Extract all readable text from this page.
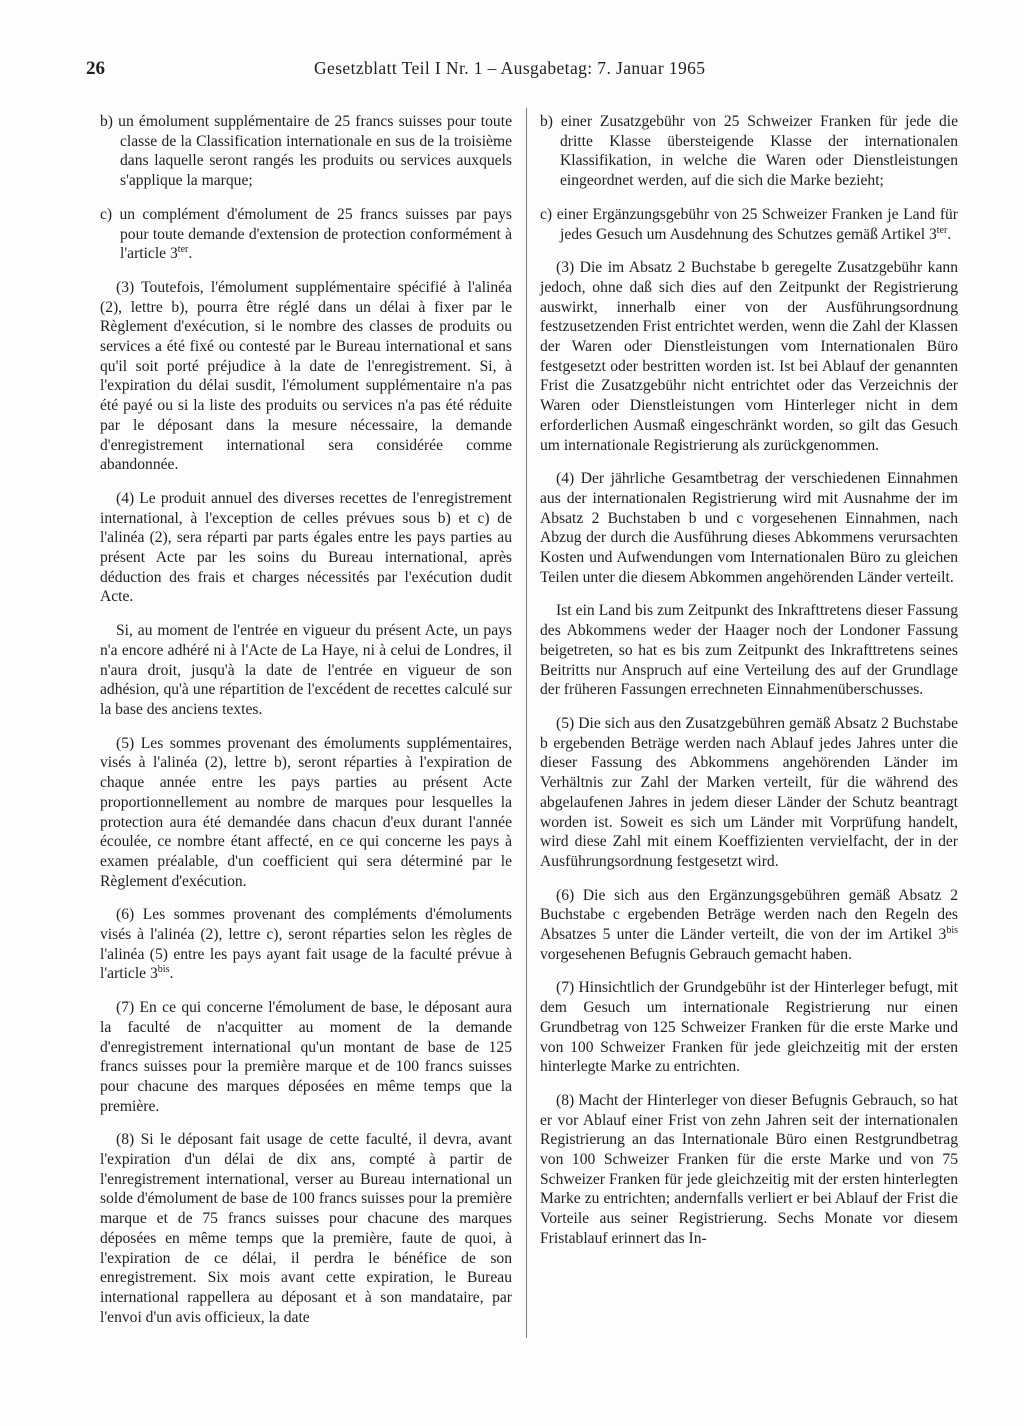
26	Gesetzblatt Teil I Nr. 1 – Ausgabetag: 7. Januar 1965

b) un émolument supplémentaire de 25 francs suisses pour toute classe de la Classification internationale en sus de la troisième dans laquelle seront rangés les produits ou services auxquels s'applique la marque;

c) un complément d'émolument de 25 francs suisses par pays pour toute demande d'extension de protection conformément à l'article $3^{ter}$.

(3) Toutefois, l'émolument supplémentaire spécifié à l'alinéa (2), lettre b), pourra être réglé dans un délai à fixer par le Règlement d'exécution, si le nombre des classes de produits ou services a été fixé ou contesté par le Bureau international et sans qu'il soit porté préjudice à la date de l'enregistrement. Si, à l'expiration du délai susdit, l'émolument supplémentaire n'a pas été payé ou si la liste des produits ou services n'a pas été réduite par le déposant dans la mesure nécessaire, la demande d'enregistrement international sera considérée comme abandonnée.

(4) Le produit annuel des diverses recettes de l'enregistrement international, à l'exception de celles prévues sous b) et c) de l'alinéa (2), sera réparti par parts égales entre les pays parties au présent Acte par les soins du Bureau international, après déduction des frais et charges nécessités par l'exécution dudit Acte.

Si, au moment de l'entrée en vigueur du présent Acte, un pays n'a encore adhéré ni à l'Acte de La Haye, ni à celui de Londres, il n'aura droit, jusqu'à la date de l'entrée en vigueur de son adhésion, qu'à une répartition de l'excédent de recettes calculé sur la base des anciens textes.

(5) Les sommes provenant des émoluments supplémentaires, visés à l'alinéa (2), lettre b), seront réparties à l'expiration de chaque année entre les pays parties au présent Acte proportionnellement au nombre de marques pour lesquelles la protection aura été demandée dans chacun d'eux durant l'année écoulée, ce nombre étant affecté, en ce qui concerne les pays à examen préalable, d'un coefficient qui sera déterminé par le Règlement d'exécution.

(6) Les sommes provenant des compléments d'émoluments visés à l'alinéa (2), lettre c), seront réparties selon les règles de l'alinéa (5) entre les pays ayant fait usage de la faculté prévue à l'article $3^{bis}$.

(7) En ce qui concerne l'émolument de base, le déposant aura la faculté de n'acquitter au moment de la demande d'enregistrement international qu'un montant de base de 125 francs suisses pour la première marque et de 100 francs suisses pour chacune des marques déposées en même temps que la première.

(8) Si le déposant fait usage de cette faculté, il devra, avant l'expiration d'un délai de dix ans, compté à partir de l'enregistrement international, verser au Bureau international un solde d'émolument de base de 100 francs suisses pour la première marque et de 75 francs suisses pour chacune des marques déposées en même temps que la première, faute de quoi, à l'expiration de ce délai, il perdra le bénéfice de son enregistrement. Six mois avant cette expiration, le Bureau international rappellera au déposant et à son mandataire, par l'envoi d'un avis officieux, la date

b) einer Zusatzgebühr von 25 Schweizer Franken für jede die dritte Klasse übersteigende Klasse der internationalen Klassifikation, in welche die Waren oder Dienstleistungen eingeordnet werden, auf die sich die Marke bezieht;

c) einer Ergänzungsgebühr von 25 Schweizer Franken je Land für jedes Gesuch um Ausdehnung des Schutzes gemäß Artikel $3^{ter}$.

(3) Die im Absatz 2 Buchstabe b geregelte Zusatzgebühr kann jedoch, ohne daß sich dies auf den Zeitpunkt der Registrierung auswirkt, innerhalb einer von der Ausführungsordnung festzusetzenden Frist entrichtet werden, wenn die Zahl der Klassen der Waren oder Dienstleistungen vom Internationalen Büro festgesetzt oder bestritten worden ist. Ist bei Ablauf der genannten Frist die Zusatzgebühr nicht entrichtet oder das Verzeichnis der Waren oder Dienstleistungen vom Hinterleger nicht in dem erforderlichen Ausmaß eingeschränkt worden, so gilt das Gesuch um internationale Registrierung als zurückgenommen.

(4) Der jährliche Gesamtbetrag der verschiedenen Einnahmen aus der internationalen Registrierung wird mit Ausnahme der im Absatz 2 Buchstaben b und c vorgesehenen Einnahmen, nach Abzug der durch die Ausführung dieses Abkommens verursachten Kosten und Aufwendungen vom Internationalen Büro zu gleichen Teilen unter die diesem Abkommen angehörenden Länder verteilt.

Ist ein Land bis zum Zeitpunkt des Inkrafttretens dieser Fassung des Abkommens weder der Haager noch der Londoner Fassung beigetreten, so hat es bis zum Zeitpunkt des Inkrafttretens seines Beitritts nur Anspruch auf eine Verteilung des auf der Grundlage der früheren Fassungen errechneten Einnahmenüberschusses.

(5) Die sich aus den Zusatzgebühren gemäß Absatz 2 Buchstabe b ergebenden Beträge werden nach Ablauf jedes Jahres unter die dieser Fassung des Abkommens angehörenden Länder im Verhältnis zur Zahl der Marken verteilt, für die während des abgelaufenen Jahres in jedem dieser Länder der Schutz beantragt worden ist. Soweit es sich um Länder mit Vorprüfung handelt, wird diese Zahl mit einem Koeffizienten vervielfacht, der in der Ausführungsordnung festgesetzt wird.

(6) Die sich aus den Ergänzungsgebühren gemäß Absatz 2 Buchstabe c ergebenden Beträge werden nach den Regeln des Absatzes 5 unter die Länder verteilt, die von der im Artikel $3^{bis}$ vorgesehenen Befugnis Gebrauch gemacht haben.

(7) Hinsichtlich der Grundgebühr ist der Hinterleger befugt, mit dem Gesuch um internationale Registrierung nur einen Grundbetrag von 125 Schweizer Franken für die erste Marke und von 100 Schweizer Franken für jede gleichzeitig mit der ersten hinterlegte Marke zu entrichten.

(8) Macht der Hinterleger von dieser Befugnis Gebrauch, so hat er vor Ablauf einer Frist von zehn Jahren seit der internationalen Registrierung an das Internationale Büro einen Restgrundbetrag von 100 Schweizer Franken für die erste Marke und von 75 Schweizer Franken für jede gleichzeitig mit der ersten hinterlegten Marke zu entrichten; andernfalls verliert er bei Ablauf der Frist die Vorteile aus seiner Registrierung. Sechs Monate vor diesem Fristablauf erinnert das In-
